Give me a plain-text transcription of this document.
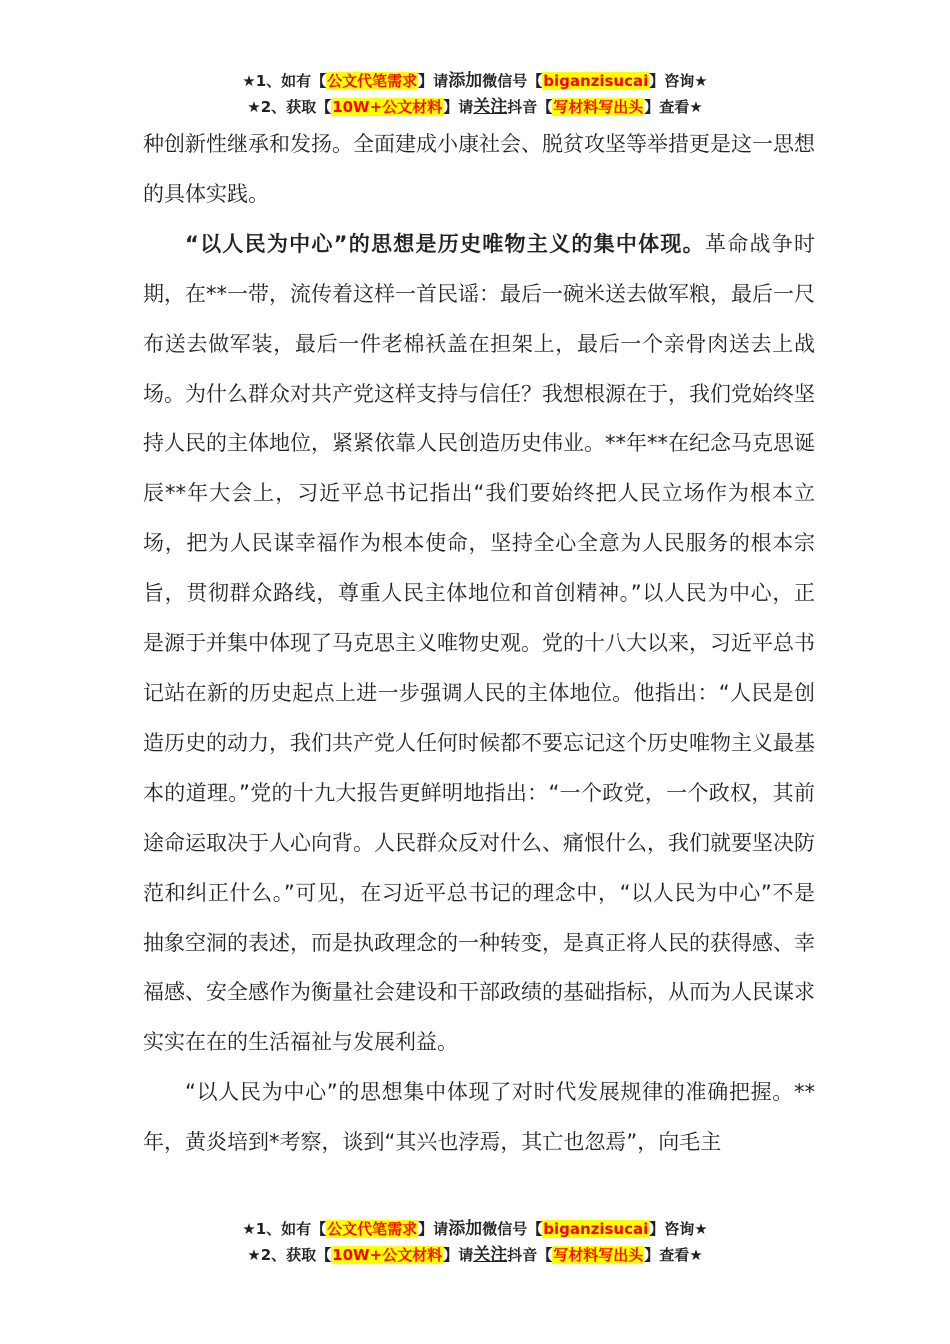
★1、如有【公文代笔需求】请添加微信号【biganzisucai】咨询★
★2、获取【10W+公文材料】请关注抖音【写材料写出头】查看★

种创新性继承和发扬。全面建成小康社会、脱贫攻坚等举措更是这一思想的具体实践。

“以人民为中心”的思想是历史唯物主义的集中体现。革命战争时期，在**一带，流传着这样一首民谣：最后一碗米送去做军粮，最后一尺布送去做军装，最后一件老棉袄盖在担架上，最后一个亲骨肉送去上战场。为什么群众对共产党这样支持与信任？我想根源在于，我们党始终坚持人民的主体地位，紧紧依靠人民创造历史伟业。**年**在纪念马克思诞辰**年大会上，习近平总书记指出“我们要始终把人民立场作为根本立场，把为人民谋幸福作为根本使命，坚持全心全意为人民服务的根本宗旨，贯彻群众路线，尊重人民主体地位和首创精神。”以人民为中心，正是源于并集中体现了马克思主义唯物史观。党的十八大以来，习近平总书记站在新的历史起点上进一步强调人民的主体地位。他指出：“人民是创造历史的动力，我们共产党人任何时候都不要忘记这个历史唯物主义最基本的道理。”党的十九大报告更鲜明地指出：“一个政党，一个政权，其前途命运取决于人心向背。人民群众反对什么、痛恨什么，我们就要坚决防范和纠正什么。”可见，在习近平总书记的理念中，“以人民为中心”不是抽象空洞的表述，而是执政理念的一种转变，是真正将人民的获得感、幸福感、安全感作为衡量社会建设和干部政绩的基础指标，从而为人民谋求实实在在的生活福祉与发展利益。

“以人民为中心”的思想集中体现了对时代发展规律的准确把握。**年，黄炎培到*考察，谈到“其兴也浡焉，其亡也忽焉”，向毛主

★1、如有【公文代笔需求】请添加微信号【biganzisucai】咨询★
★2、获取【10W+公文材料】请关注抖音【写材料写出头】查看★
